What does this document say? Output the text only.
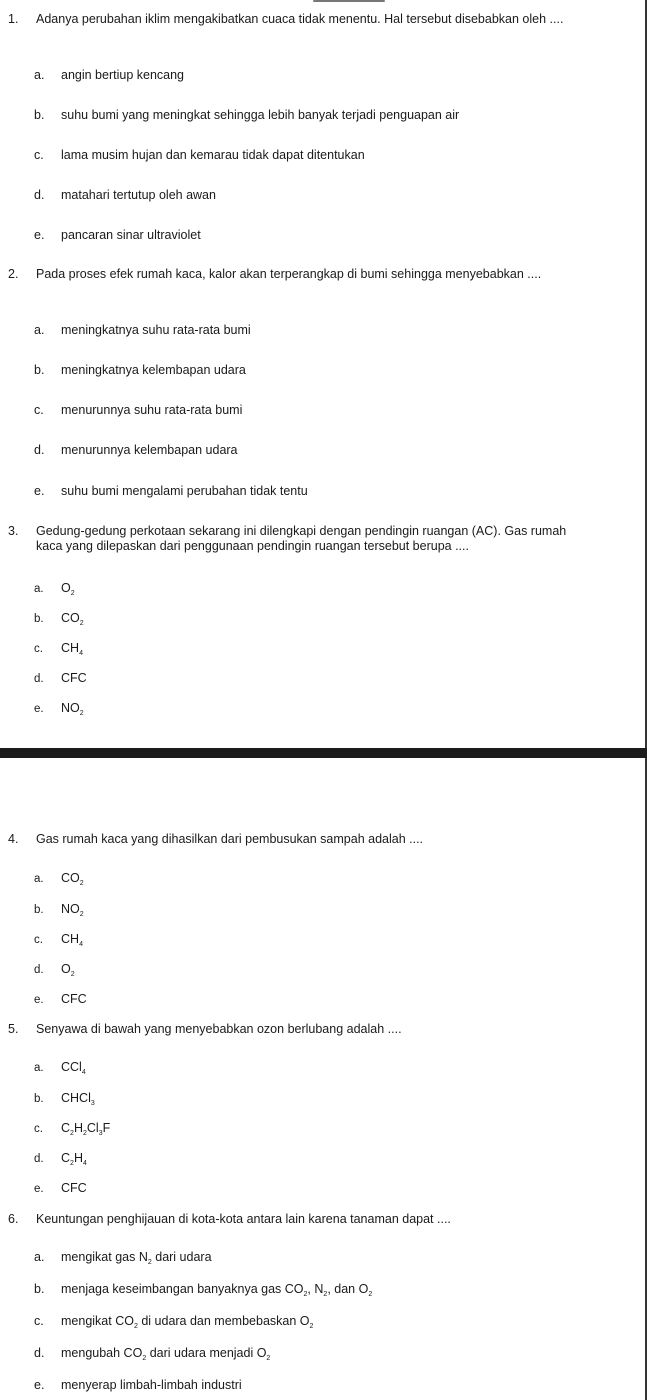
1.	Adanya perubahan iklim mengakibatkan cuaca tidak menentu. Hal tersebut disebabkan oleh ....
a. angin bertiup kencang
b. suhu bumi yang meningkat sehingga lebih banyak terjadi penguapan air
c. lama musim hujan dan kemarau tidak dapat ditentukan
d. matahari tertutup oleh awan
e. pancaran sinar ultraviolet
2.	Pada proses efek rumah kaca, kalor akan terperangkap di bumi sehingga menyebabkan ....
a. meningkatnya suhu rata-rata bumi
b. meningkatnya kelembapan udara
c. menurunnya suhu rata-rata bumi
d. menurunnya kelembapan udara
e. suhu bumi mengalami perubahan tidak tentu
3.	Gedung-gedung perkotaan sekarang ini dilengkapi dengan pendingin ruangan (AC). Gas rumah kaca yang dilepaskan dari penggunaan pendingin ruangan tersebut berupa ....
a. $O_2$
b. $CO_2$
c. $CH_4$
d. CFC
e. $NO_2$
4.	Gas rumah kaca yang dihasilkan dari pembusukan sampah adalah ....
a. $CO_2$
b. $NO_2$
c. $CH_4$
d. $O_2$
e. CFC
5.	Senyawa di bawah yang menyebabkan ozon berlubang adalah ....
a. CCl$_4$
b. CHCl$_3$
c. $C_2H_2Cl_3F$
d. $C_2H_4$
e. CFC
6.	Keuntungan penghijauan di kota-kota antara lain karena tanaman dapat ....
a. mengikat gas $N_2$ dari udara
b. menjaga keseimbangan banyaknya gas $CO_2$, $N_2$, dan $O_2$
c. mengikat $CO_2$ di udara dan membebaskan $O_2$
d. mengubah $CO_2$ dari udara menjadi $O_2$
e. menyerap limbah-limbah industri
